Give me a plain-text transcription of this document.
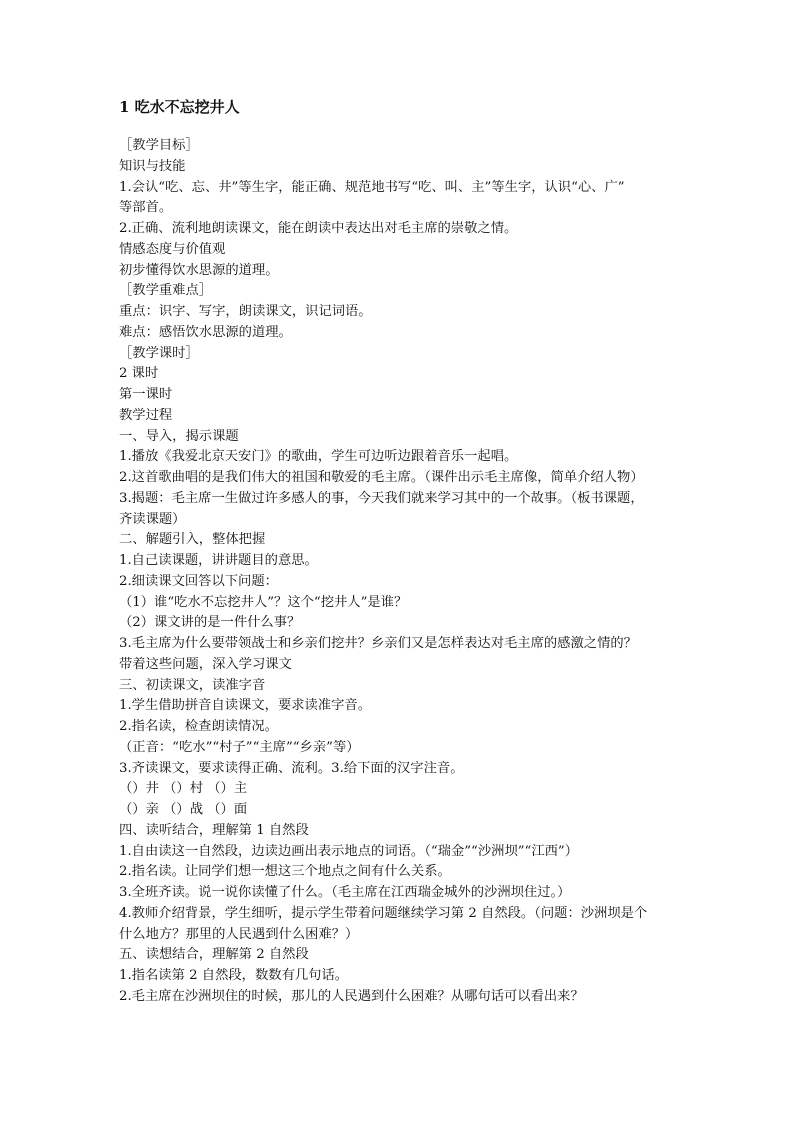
1 吃水不忘挖井人

［教学目标］

知识与技能

1.会认“吃、忘、井”等生字，能正确、规范地书写“吃、叫、主”等生字，认识“心、广”

等部首。

2.正确、流利地朗读课文，能在朗读中表达出对毛主席的崇敬之情。

情感态度与价值观

初步懂得饮水思源的道理。

［教学重难点］

重点：识字、写字，朗读课文，识记词语。

难点：感悟饮水思源的道理。

［教学课时］

2 课时

第一课时

教学过程

一、导入，揭示课题

1.播放《我爱北京天安门》的歌曲，学生可边听边跟着音乐一起唱。

2.这首歌曲唱的是我们伟大的祖国和敬爱的毛主席。（课件出示毛主席像，简单介绍人物）

3.揭题：毛主席一生做过许多感人的事，今天我们就来学习其中的一个故事。（板书课题，

齐读课题）

二、解题引入，整体把握

1.自己读课题，讲讲题目的意思。

2.细读课文回答以下问题：

（1）谁“吃水不忘挖井人”？这个“挖井人”是谁？

（2）课文讲的是一件什么事？

3.毛主席为什么要带领战士和乡亲们挖井？乡亲们又是怎样表达对毛主席的感激之情的？

带着这些问题，深入学习课文

三、初读课文，读准字音

1.学生借助拼音自读课文，要求读准字音。

2.指名读，检查朗读情况。

（正音：“吃水”“村子”“主席”“乡亲”等）

3.齐读课文，要求读得正确、流利。3.给下面的汉字注音。

（）井 （）村 （）主

（）亲 （）战 （）面

四、读听结合，理解第 1 自然段

1.自由读这一自然段，边读边画出表示地点的词语。（“瑞金”“沙洲坝”“江西”）

2.指名读。让同学们想一想这三个地点之间有什么关系。

3.全班齐读。说一说你读懂了什么。（毛主席在江西瑞金城外的沙洲坝住过。）

4.教师介绍背景，学生细听，提示学生带着问题继续学习第 2 自然段。（问题：沙洲坝是个

什么地方？那里的人民遇到什么困难？）

五、读想结合，理解第 2 自然段

1.指名读第 2 自然段，数数有几句话。

2.毛主席在沙洲坝住的时候，那儿的人民遇到什么困难？从哪句话可以看出来？
